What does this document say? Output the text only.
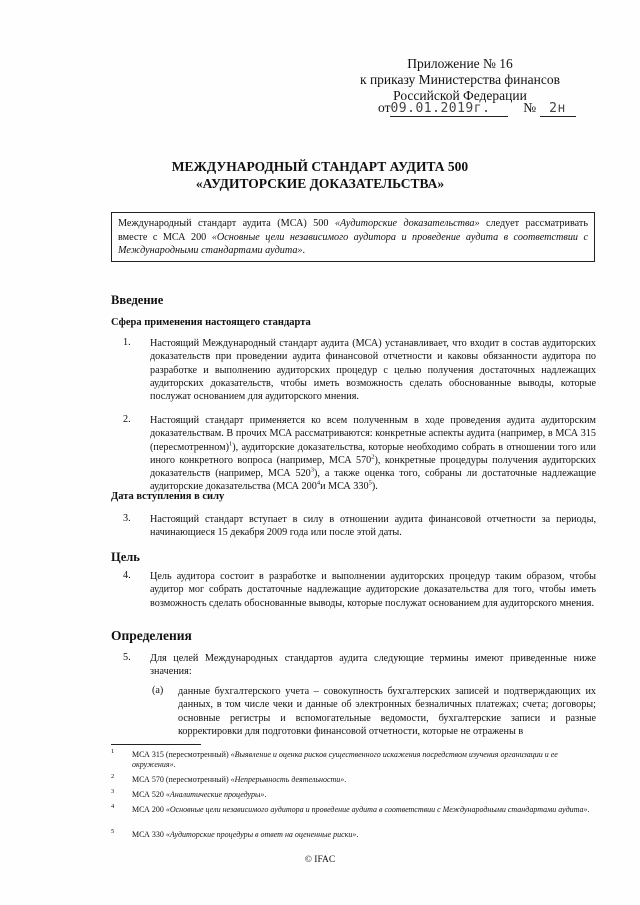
Приложение № 16
к приказу Министерства финансов
Российской Федерации
от09.01.2019г. № 2н
МЕЖДУНАРОДНЫЙ СТАНДАРТ АУДИТА 500
«АУДИТОРСКИЕ ДОКАЗАТЕЛЬСТВА»
Международный стандарт аудита (МСА) 500 «Аудиторские доказательства» следует рассматривать вместе с МСА 200 «Основные цели независимого аудитора и проведение аудита в соответствии с Международными стандартами аудита».
Введение
Сфера применения настоящего стандарта
1. Настоящий Международный стандарт аудита (МСА) устанавливает, что входит в состав аудиторских доказательств при проведении аудита финансовой отчетности и каковы обязанности аудитора по разработке и выполнению аудиторских процедур с целью получения достаточных надлежащих аудиторских доказательств, чтобы иметь возможность сделать обоснованные выводы, которые послужат основанием для аудиторского мнения.
2. Настоящий стандарт применяется ко всем полученным в ходе проведения аудита аудиторским доказательствам. В прочих МСА рассматриваются: конкретные аспекты аудита (например, в МСА 315 (пересмотренном)$^1$), аудиторские доказательства, которые необходимо собрать в отношении того или иного конкретного вопроса (например, МСА $570^2$), конкретные процедуры получения аудиторских доказательств (например, МСА $520^3$), а также оценка того, собраны ли достаточные надлежащие аудиторские доказательства (МСА $200^4и$ МСА $330^5$).
Дата вступления в силу
3. Настоящий стандарт вступает в силу в отношении аудита финансовой отчетности за периоды, начинающиеся 15 декабря 2009 года или после этой даты.
Цель
4. Цель аудитора состоит в разработке и выполнении аудиторских процедур таким образом, чтобы аудитор мог собрать достаточные надлежащие аудиторские доказательства для того, чтобы иметь возможность сделать обоснованные выводы, которые послужат основанием для аудиторского мнения.
Определения
5. Для целей Международных стандартов аудита следующие термины имеют приведенные ниже значения:
(a) данные бухгалтерского учета – совокупность бухгалтерских записей и подтверждающих их данных, в том числе чеки и данные об электронных безналичных платежах; счета; договоры; основные регистры и вспомогательные ведомости, бухгалтерские записи и разные корректировки для подготовки финансовой отчетности, которые не отражены в
1 МСА 315 (пересмотренный) «Выявление и оценка рисков существенного искажения посредством изучения организации и ее окружения».
2 МСА 570 (пересмотренный) «Непрерывность деятельности».
3 МСА 520 «Аналитические процедуры».
4 МСА 200 «Основные цели независимого аудитора и проведение аудита в соответствии с Международными стандартами аудита».
5 МСА 330 «Аудиторские процедуры в ответ на оцененные риски».
© IFAC
